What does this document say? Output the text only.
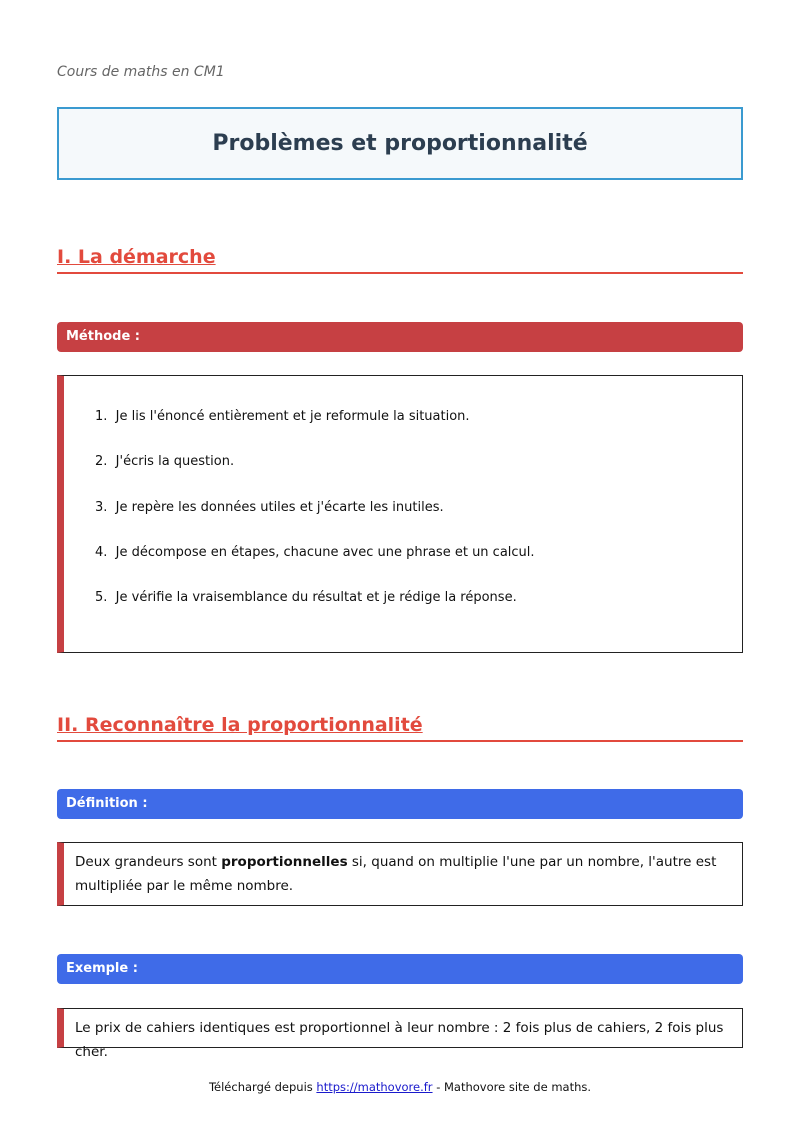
Cours de maths en CM1
Problèmes et proportionnalité
I. La démarche
Méthode :
1. Je lis l'énoncé entièrement et je reformule la situation.
2. J'écris la question.
3. Je repère les données utiles et j'écarte les inutiles.
4. Je décompose en étapes, chacune avec une phrase et un calcul.
5. Je vérifie la vraisemblance du résultat et je rédige la réponse.
II. Reconnaître la proportionnalité
Définition :

Deux grandeurs sont proportionnelles si, quand on multiplie l'une par un nombre, l'autre est multipliée par le même nombre.

Exemple :

Le prix de cahiers identiques est proportionnel à leur nombre : 2 fois plus de cahiers, 2 fois plus cher.

Téléchargé depuis https://mathovore.fr - Mathovore site de maths.
